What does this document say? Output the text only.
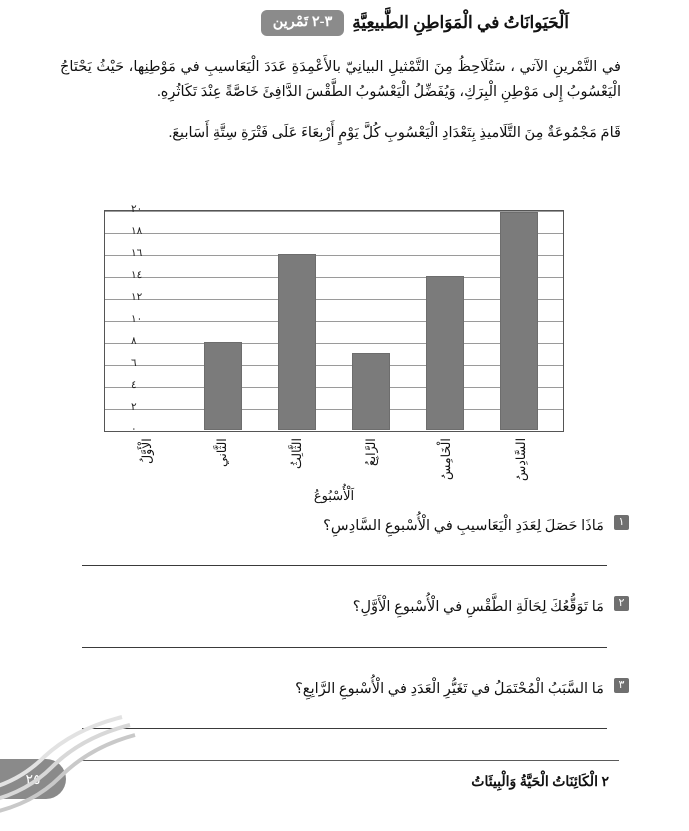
اَلْحَيَوانَاتُ في الْمَوَاطِنِ الطَّبيعِيَّةِ
٣-٢ تَمْرين

في التَّمْرينِ الآتي ، سَتُلَاحِظُ مِنَ التَّمْثيلِ البيانِيّ بالأَعْمِدَةِ عَدَدَ الْيَعَاسيبِ في مَوْطِنِها، حَيْثُ يَحْتَاجُ الْيَعْسُوبُ إِلى مَوْطِنِ الْبِرَكِ، وَيُفَضِّلُ الْيَعْسُوبُ الطَّقْسَ الدَّافِئَ خَاصَّةً عِنْدَ تَكَاثُرِهِ.

قَامَ مَجْمُوعَةٌ مِنَ التَّلَاميذِ بِتَعْدَادِ الْيَعْسُوبِ كُلَّ يَوْمٍ أَرْبِعَاءَ عَلَى فَتْرَةِ سِتَّةِ أَسَابيعَ.

٢٠
١٨
١٦
١٤
١٢
١٠
٨
٦
٤
٢
٠
الْأَوَّلُ	الثَّاني	الثَّالِثُ	الرَّابِعُ	الْخَامِسُ	السَّادِسُ
اَلْأُسْبُوعُ
١
مَاذَا حَصَلَ لِعَدَدِ الْيَعَاسيبِ في الْأُسْبوعِ السَّادِسِ؟
٢
مَا تَوَقُّعُكَ لِحَالَةِ الطَّقْسِ في الْأُسْبوعِ الْأَوَّلِ؟
٣
مَا السَّبَبُ الْمُحْتَمَلُ في تَغَيُّرِ الْعَدَدِ في الْأُسْبوعِ الرَّابِعِ؟
٢ الْكَائِنَاتُ الْحَيَّةُ وَالْبِيئَاتُ
٢٥
